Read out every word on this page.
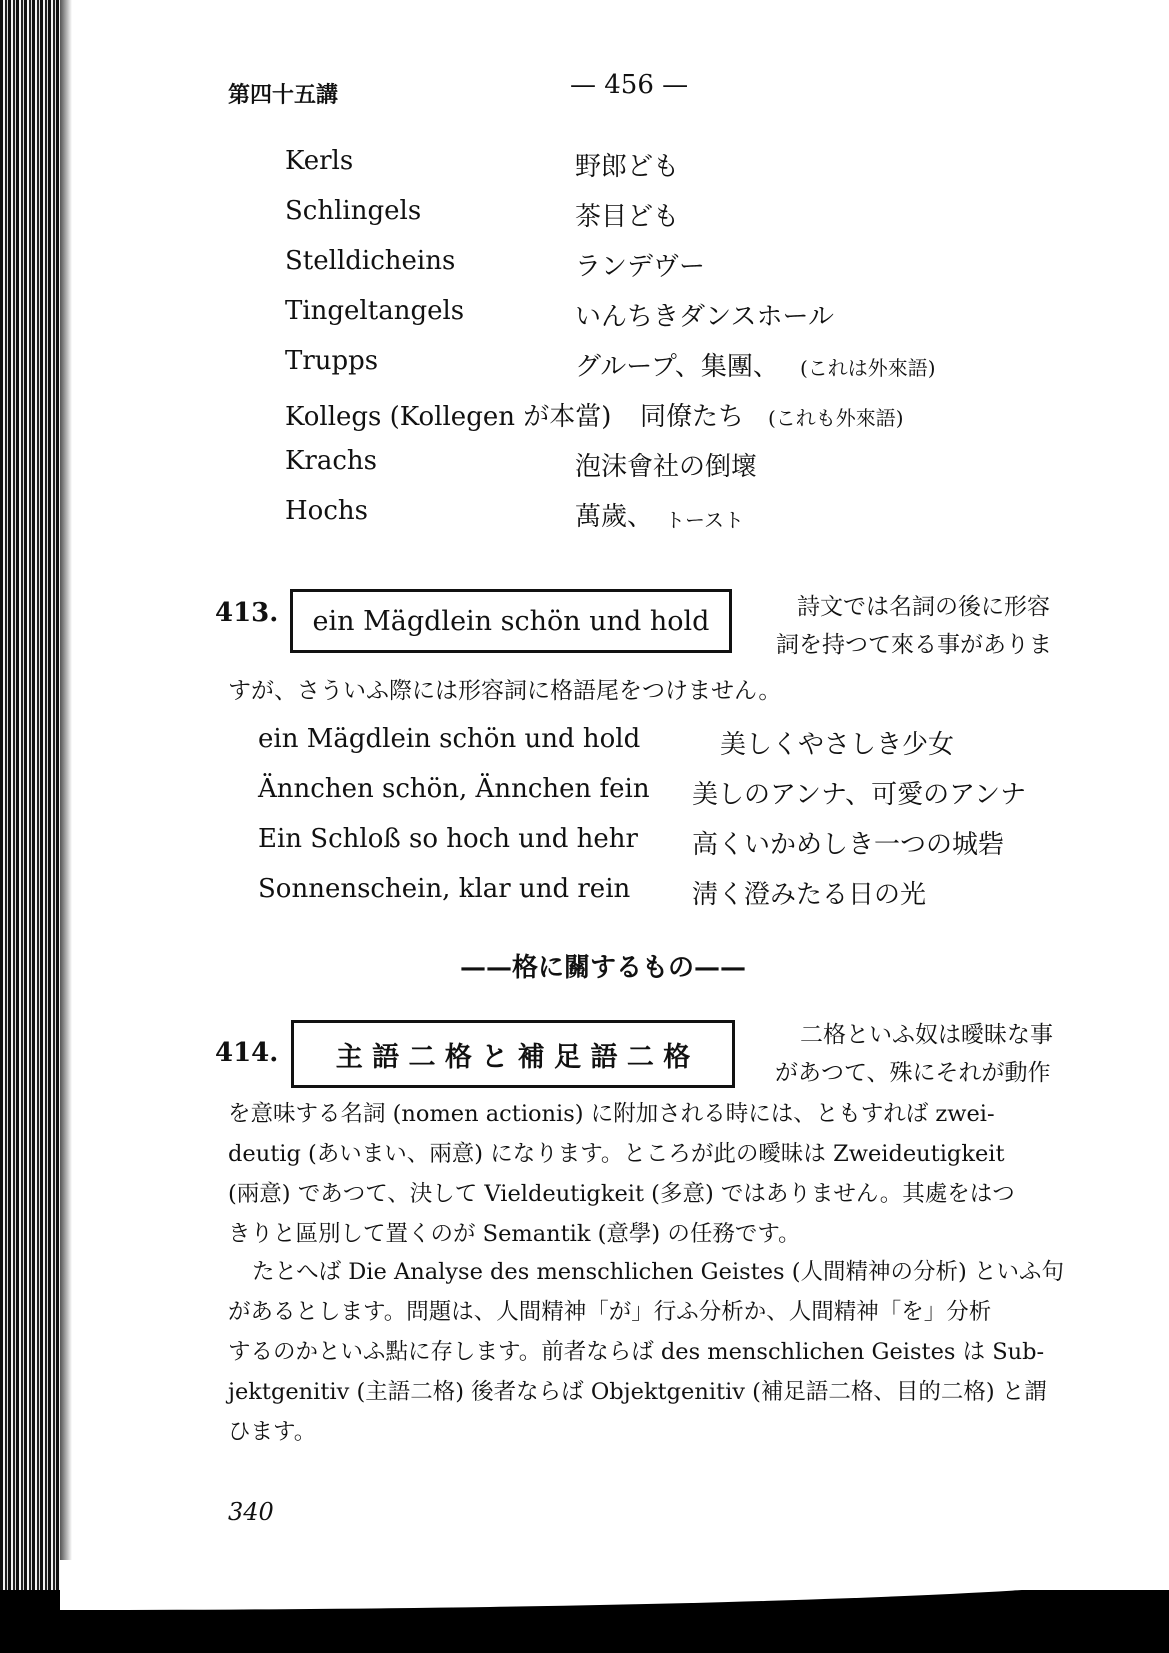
第四十五講	— 456 —
Kerls	野郎ども
Schlingels	茶目ども
Stelldicheins	ランデヴー
Tingeltangels	いんちきダンスホール
Trupps	グループ、集團、 (これは外來語)
Kollegs (Kollegen が本當) 同僚たち (これも外來語)
Krachs	泡沫會社の倒壞
Hochs	萬歲、 トースト
413.	ein Mägdlein schön und hold	詩文では名詞の後に形容
詞を持つて來る事がありま
すが、さういふ際には形容詞に格語尾をつけません。
ein Mägdlein schön und hold	美しくやさしき少女
Ännchen schön, Ännchen fein 美しのアンナ、可愛のアンナ
Ein Schloß so hoch und hehr 高くいかめしき一つの城砦
Sonnenschein, klar und rein 淸く澄みたる日の光
——格に關するもの——
414.	主 語 二 格 と 補 足 語 二 格
二格といふ奴は曖昧な事
があつて、殊にそれが動作

を意味する名詞 (nomen actionis) に附加される時には、ともすれば zwei-

deutig (あいまい、兩意) になります。ところが此の曖昧は Zweideutigkeit

(兩意) であつて、決して Vieldeutigkeit (多意) ではありません。其處をはつ

きりと區別して置くのが Semantik (意學) の任務です。

たとへば Die Analyse des menschlichen Geistes (人間精神の分析) といふ句

があるとします。問題は、人間精神「が」行ふ分析か、人間精神「を」分析

するのかといふ點に存します。前者ならば des menschlichen Geistes は Sub-

jektgenitiv (主語二格) 後者ならば Objektgenitiv (補足語二格、目的二格) と謂

ひます。

340
